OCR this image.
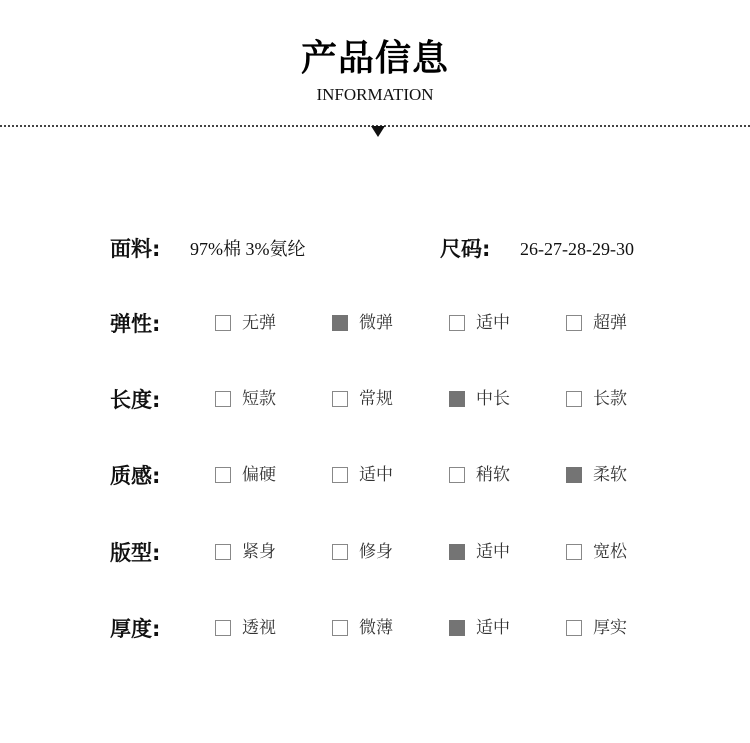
产品信息
INFORMATION
面料: 97%棉 3%氨纶	尺码: 26-27-28-29-30
弹性:	无弹	微弹	适中	超弹
长度:	短款	常规	中长	长款
质感:	偏硬	适中	稍软	柔软
版型:	紧身	修身	适中	宽松
厚度:	透视	微薄	适中	厚实
